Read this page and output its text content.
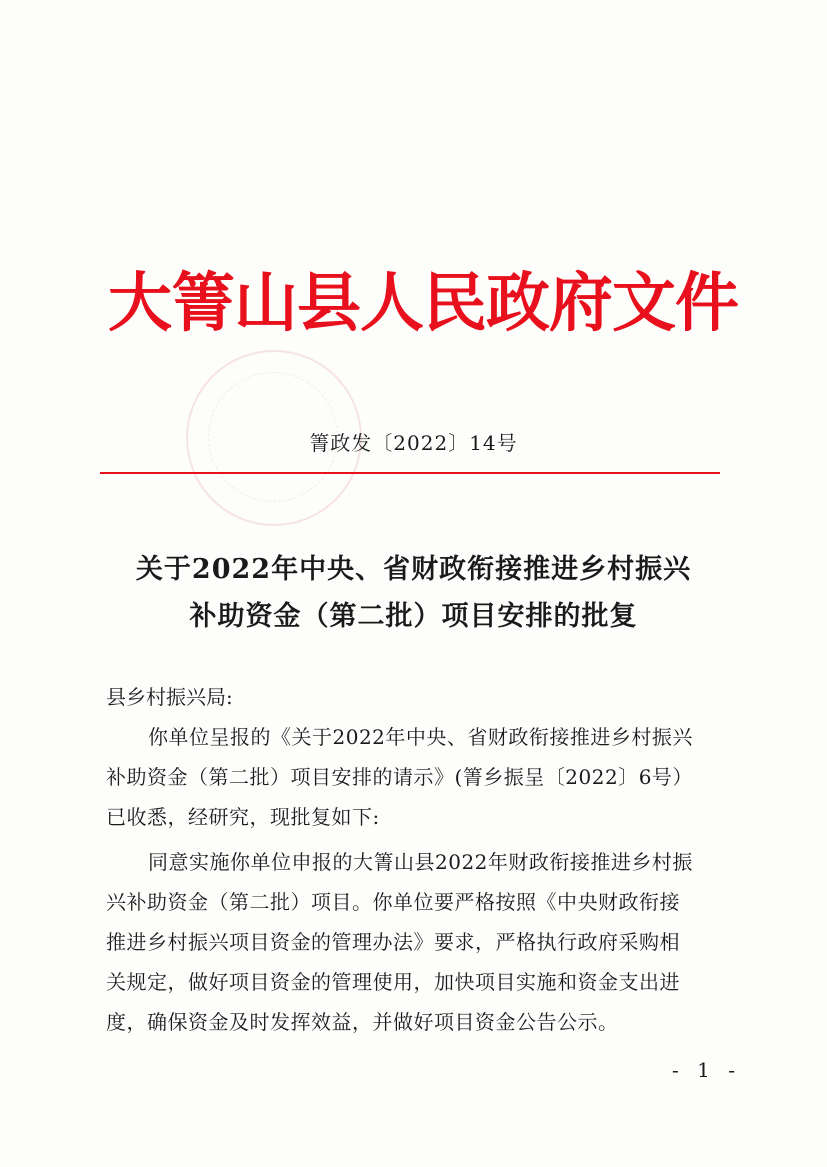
大箐山县人民政府文件
箐政发〔2022〕14号
关于2022年中央、省财政衔接推进乡村振兴
补助资金（第二批）项目安排的批复
县乡村振兴局:
你单位呈报的《关于2022年中央、省财政衔接推进乡村振兴
补助资金（第二批）项目安排的请示》(箐乡振呈〔2022〕6号）
已收悉，经研究，现批复如下:
同意实施你单位申报的大箐山县2022年财政衔接推进乡村振
兴补助资金（第二批）项目。你单位要严格按照《中央财政衔接
推进乡村振兴项目资金的管理办法》要求，严格执行政府采购相
关规定，做好项目资金的管理使用，加快项目实施和资金支出进
度，确保资金及时发挥效益，并做好项目资金公告公示。
- 1 -
